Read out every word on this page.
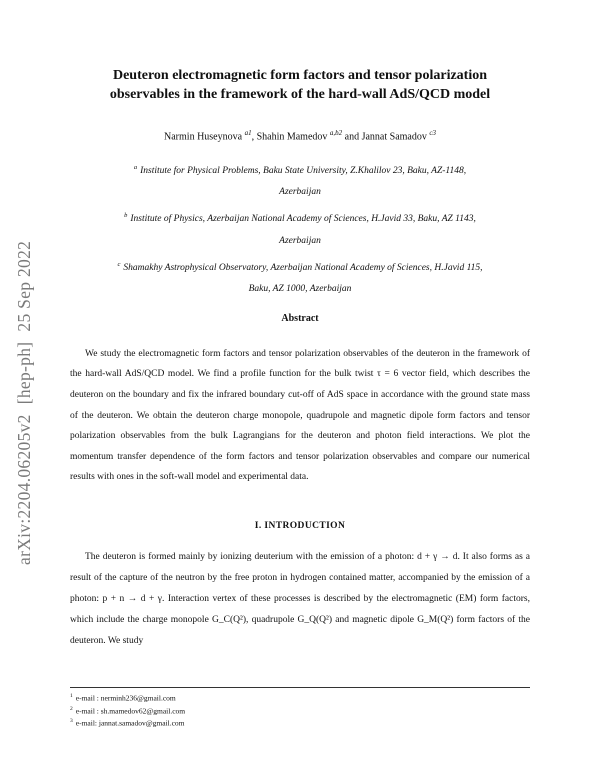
arXiv:2204.06205v2[hep-ph]25 Sep 2022
Deuteron electromagnetic form factors and tensor polarization
observables in the framework of the hard-wall AdS/QCD model
Narmin Huseynova $^{a1}$, Shahin Mamedov $^{a,b2}$ and Jannat Samadov $^{c3}$
$^a$ Institute for Physical Problems, Baku State University, Z.Khalilov 23, Baku, AZ-1148,
Azerbaijan
$^b$ Institute of Physics, Azerbaijan National Academy of Sciences, H.Javid 33, Baku, AZ 1143,
Azerbaijan
$^c$ Shamakhy Astrophysical Observatory, Azerbaijan National Academy of Sciences, H.Javid 115,
Baku, AZ 1000, Azerbaijan
Abstract
We study the electromagnetic form factors and tensor polarization observables of the deuteron in the framework of the hard-wall AdS/QCD model. We find a profile function for the bulk twist τ = 6 vector field, which describes the deuteron on the boundary and fix the infrared boundary cut-off of AdS space in accordance with the ground state mass of the deuteron. We obtain the deuteron charge monopole, quadrupole and magnetic dipole form factors and tensor polarization observables from the bulk Lagrangians for the deuteron and photon field interactions. We plot the momentum transfer dependence of the form factors and tensor polarization observables and compare our numerical results with ones in the soft-wall model and experimental data.
I. INTRODUCTION
The deuteron is formed mainly by ionizing deuterium with the emission of a photon: d + γ → d. It also forms as a result of the capture of the neutron by the free proton in hydrogen contained matter, accompanied by the emission of a photon: p + n → d + γ. Interaction vertex of these processes is described by the electromagnetic (EM) form factors, which include the charge monopole G_C(Q²), quadrupole G_Q(Q²) and magnetic dipole G_M(Q²) form factors of the deuteron. We study
$^1$ e-mail : nerminh236@gmail.com
$^2$ e-mail : sh.mamedov62@gmail.com
$^3$ e-mail: jannat.samadov@gmail.com
